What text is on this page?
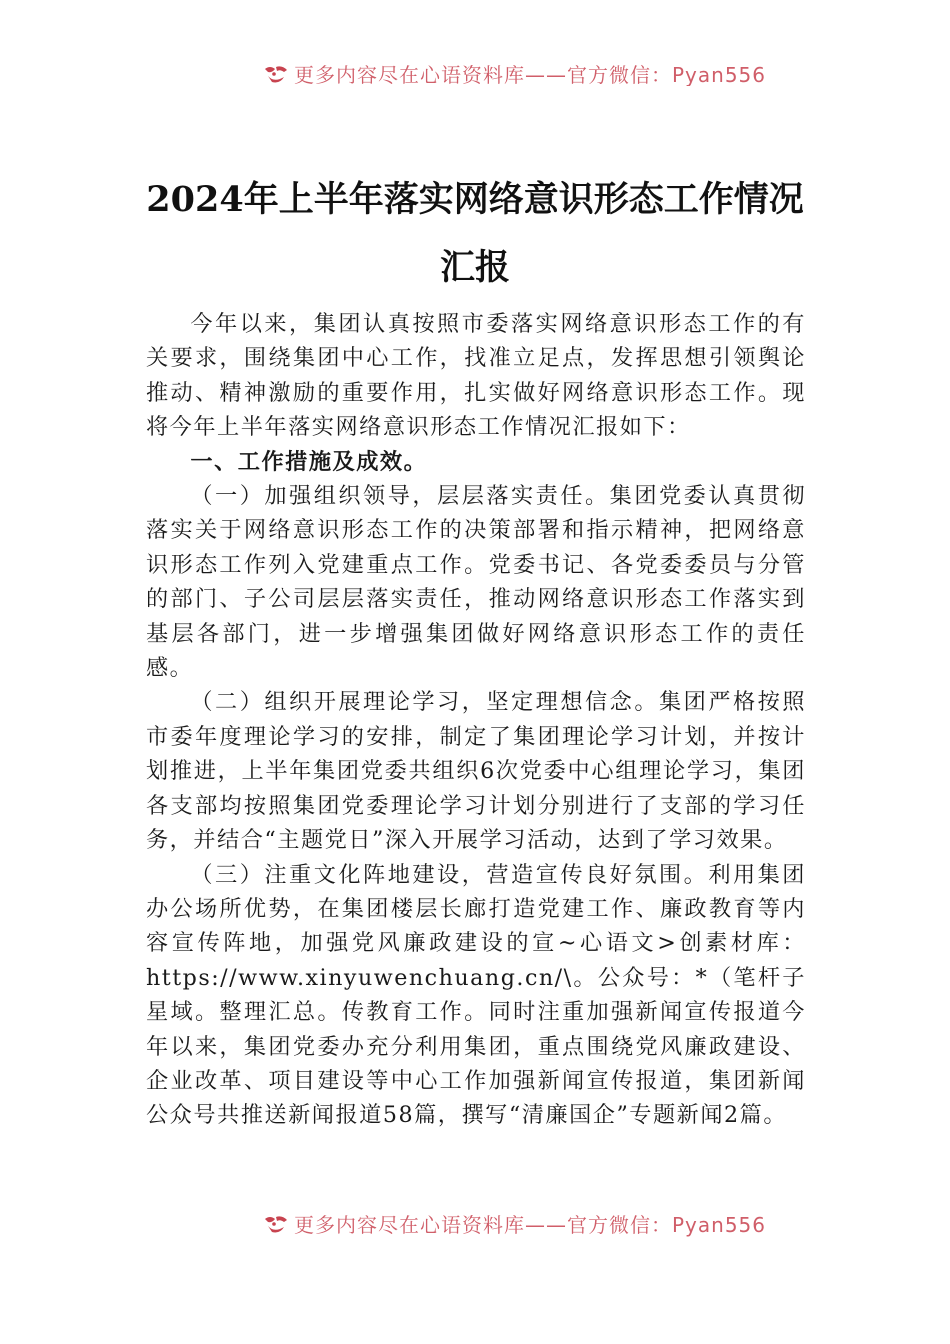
更多内容尽在心语资料库——官方微信：Pyan556
2024年上半年落实网络意识形态工作情况
汇报

今年以来，集团认真按照市委落实网络意识形态工作的有关要求，围绕集团中心工作，找准立足点，发挥思想引领舆论推动、精神激励的重要作用，扎实做好网络意识形态工作。现将今年上半年落实网络意识形态工作情况汇报如下：

一、工作措施及成效。

（一）加强组织领导，层层落实责任。集团党委认真贯彻落实关于网络意识形态工作的决策部署和指示精神，把网络意识形态工作列入党建重点工作。党委书记、各党委委员与分管的部门、子公司层层落实责任，推动网络意识形态工作落实到基层各部门，进一步增强集团做好网络意识形态工作的责任感。

（二）组织开展理论学习，坚定理想信念。集团严格按照市委年度理论学习的安排，制定了集团理论学习计划，并按计划推进，上半年集团党委共组织6次党委中心组理论学习，集团各支部均按照集团党委理论学习计划分别进行了支部的学习任务，并结合“主题党日”深入开展学习活动，达到了学习效果。

（三）注重文化阵地建设，营造宣传良好氛围。利用集团办公场所优势，在集团楼层长廊打造党建工作、廉政教育等内容宣传阵地，加强党风廉政建设的宣~心语文>创素材库：https://www.xinyuwenchuang.cn/\。公众号：*（笔杆子星域。整理汇总。传教育工作。同时注重加强新闻宣传报道今年以来，集团党委办充分利用集团，重点围绕党风廉政建设、企业改革、项目建设等中心工作加强新闻宣传报道，集团新闻公众号共推送新闻报道58篇，撰写“清廉国企”专题新闻2篇。

更多内容尽在心语资料库——官方微信：Pyan556
